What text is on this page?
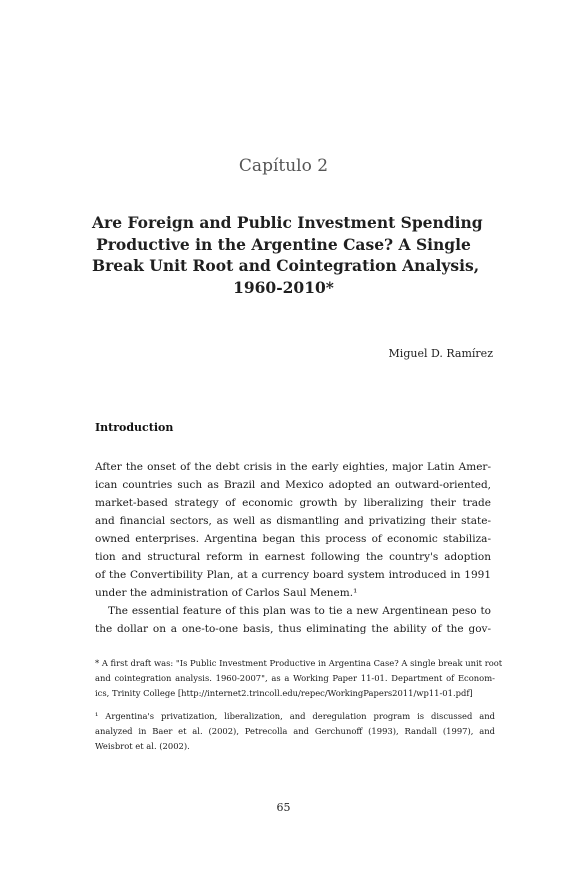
Capítulo 2
Are Foreign and Public Investment Spending
Productive in the Argentine Case? A Single
Break Unit Root and Cointegration Analysis,
1960-2010*
Miguel D. Ramírez
Introduction
After the onset of the debt crisis in the early eighties, major Latin Amer-
ican countries such as Brazil and Mexico adopted an outward-oriented,
market-based strategy of economic growth by liberalizing their trade
and financial sectors, as well as dismantling and privatizing their state-
owned enterprises. Argentina began this process of economic stabiliza-
tion and structural reform in earnest following the country's adoption
of the Convertibility Plan, at a currency board system introduced in 1991
under the administration of Carlos Saul Menem.¹
The essential feature of this plan was to tie a new Argentinean peso to
the dollar on a one-to-one basis, thus eliminating the ability of the gov-
* A first draft was: "Is Public Investment Productive in Argentina Case? A single break unit root
and cointegration analysis. 1960-2007", as a Working Paper 11-01. Department of Econom-
ics, Trinity College [http://internet2.trincoll.edu/repec/WorkingPapers2011/wp11-01.pdf]
¹ Argentina's privatization, liberalization, and deregulation program is discussed and
analyzed in Baer et al. (2002), Petrecolla and Gerchunoff (1993), Randall (1997), and
Weisbrot et al. (2002).
65
